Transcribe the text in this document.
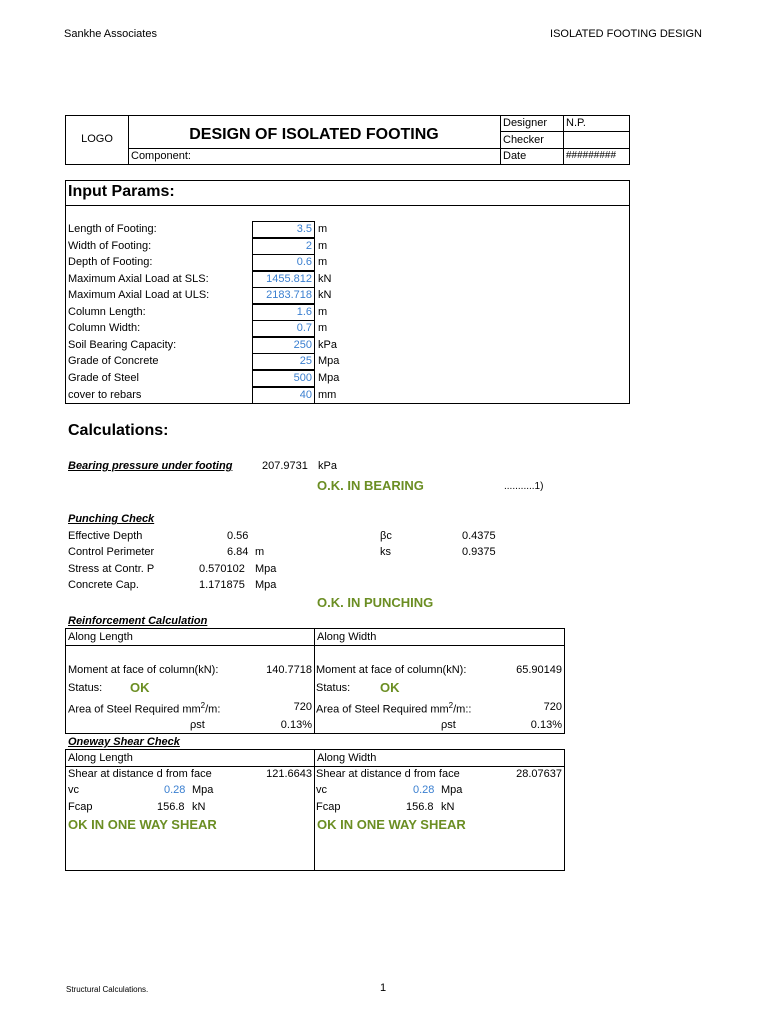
Sankhe Associates	ISOLATED FOOTING DESIGN
LOGO	DESIGN OF ISOLATED FOOTING
Component:
Designer N.P.
Checker
Date	#########
Input Params:
Length of Footing:	3.5 m
Width of Footing:	2 m
Depth of Footing:	0.6 m
Maximum Axial Load at SLS:	1455.812 kN
Maximum Axial Load at ULS:	2183.718 kN
Column Length:	1.6 m
Column Width:	0.7 m
Soil Bearing Capacity:	250 kPa
Grade of Concrete	25 Mpa
Grade of Steel	500 Mpa
cover to rebars	40 mm
Calculations:
Bearing pressure under footing	207.9731 kPa
O.K. IN BEARING	...........1)
Punching Check
Effective Depth	0.56	βc	0.4375
Control Perimeter	6.84 m	ks	0.9375
Stress at Contr. P	0.570102 Mpa
Concrete Cap.	1.171875 Mpa
O.K. IN PUNCHING
Reinforcement Calculation
Along Length	Along Width
Moment at face of column(kN):	140.7718 Moment at face of column(kN):	65.90149
Status: OK	Status: OK
Area of Steel Required $mm^2/m$:	720 Area of Steel Required $mm^2/m$::	720
ρst	0.13%	ρst	0.13%
Oneway Shear Check
Along Length	Along Width
Shear at distance d from face	121.6643 Shear at distance d from face	28.07637
vc	0.28 Mpa	vc	0.28 Mpa
Fcap	156.8 kN	Fcap	156.8 kN
OK IN ONE WAY SHEAR	OK IN ONE WAY SHEAR
Structural Calculations.	1
